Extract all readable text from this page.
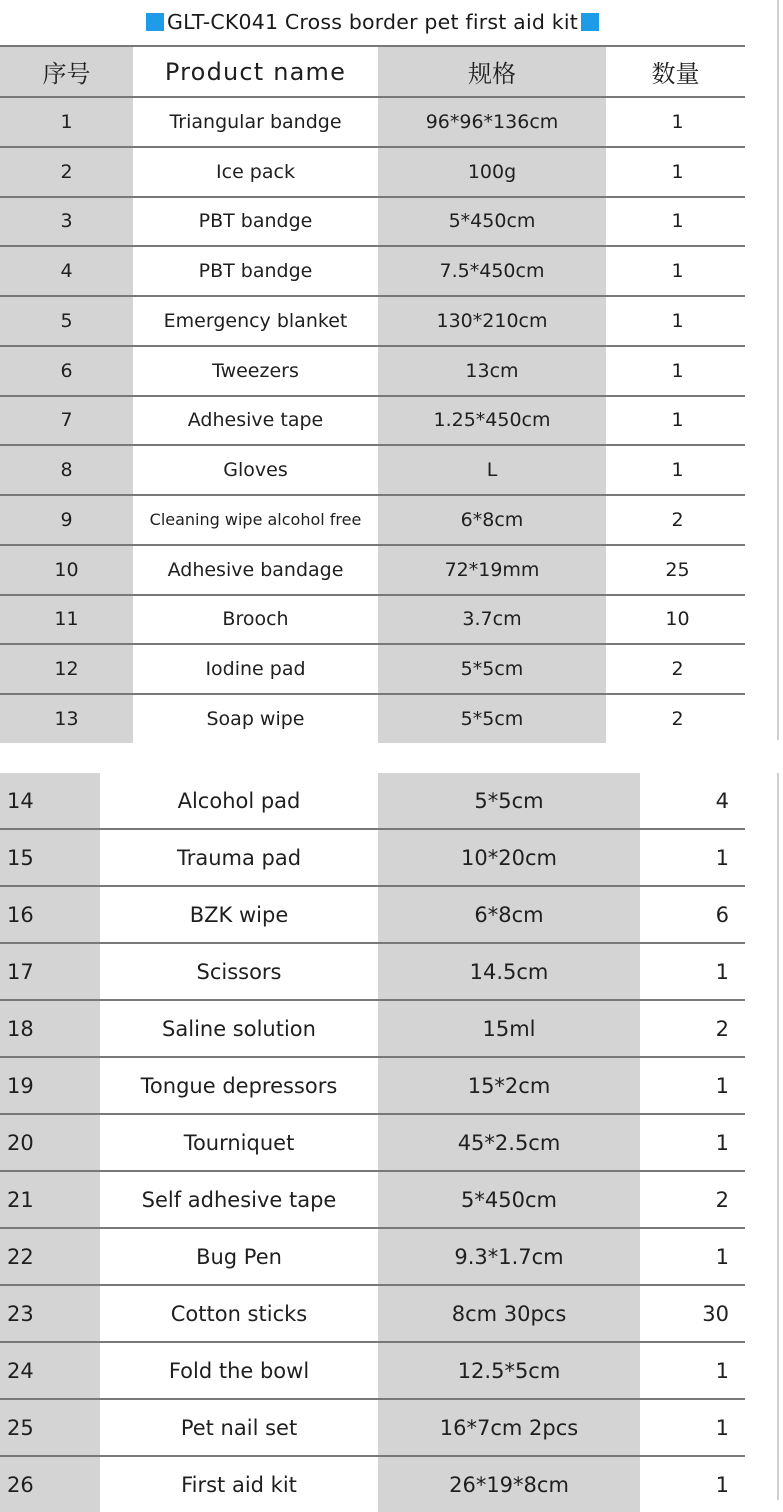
GLT-CK041 Cross border pet first aid kit
序号	Product name	规格	数量
1	Triangular bandge	96*96*136cm	1
2	Ice pack	100g	1
3	PBT bandge	5*450cm	1
4	PBT bandge	7.5*450cm	1
5	Emergency blanket	130*210cm	1
6	Tweezers	13cm	1
7	Adhesive tape	1.25*450cm	1
8	Gloves	L	1
9	Cleaning wipe alcohol free	6*8cm	2
10	Adhesive bandage	72*19mm	25
11	Brooch	3.7cm	10
12	Iodine pad	5*5cm	2
13	Soap wipe	5*5cm	2
14	Alcohol pad	5*5cm	4
15	Trauma pad	10*20cm	1
16	BZK wipe	6*8cm	6
17	Scissors	14.5cm	1
18	Saline solution	15ml	2
19	Tongue depressors	15*2cm	1
20	Tourniquet	45*2.5cm	1
21	Self adhesive tape	5*450cm	2
22	Bug Pen	9.3*1.7cm	1
23	Cotton sticks	8cm 30pcs	30
24	Fold the bowl	12.5*5cm	1
25	Pet nail set	16*7cm 2pcs	1
26	First aid kit	26*19*8cm	1
